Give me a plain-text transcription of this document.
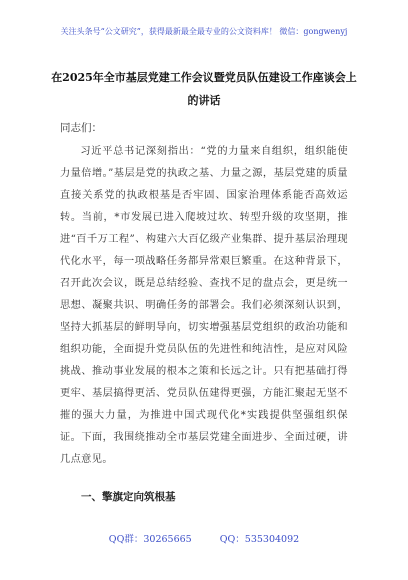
关注头条号“公文研究”，获得最新最全最专业的公文资料库！ 微信：gongwenyj
在2025年全市基层党建工作会议暨党员队伍建设工作座谈会上的讲话
同志们：

习近平总书记深刻指出：“党的力量来自组织，组织能使力量倍增。”基层是党的执政之基、力量之源，基层党建的质量直接关系党的执政根基是否牢固、国家治理体系能否高效运转。当前，*市发展已进入爬坡过坎、转型升级的攻坚期，推进“百千万工程”、构建六大百亿级产业集群、提升基层治理现代化水平，每一项战略任务都异常艰巨繁重。在这种背景下，召开此次会议，既是总结经验、查找不足的盘点会，更是统一思想、凝聚共识、明确任务的部署会。我们必须深刻认识到，坚持大抓基层的鲜明导向，切实增强基层党组织的政治功能和组织功能，全面提升党员队伍的先进性和纯洁性，是应对风险挑战、推动事业发展的根本之策和长远之计。只有把基础打得更牢、基层搞得更活、党员队伍建得更强，方能汇聚起无坚不摧的强大力量，为推进中国式现代化*实践提供坚强组织保证。下面，我围绕推动全市基层党建全面进步、全面过硬，讲几点意见。

一、擎旗定向筑根基
QQ群：30265665	QQ：535304092
